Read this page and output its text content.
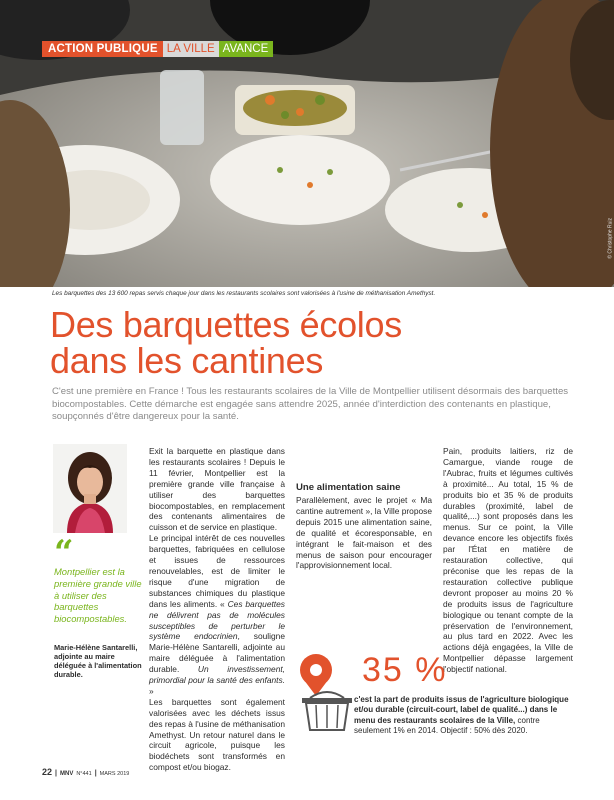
© Christophe Ruiz
ACTION PUBLIQUE LA VILLE AVANCE
Les barquettes des 13 600 repas servis chaque jour dans les restaurants scolaires sont valorisées à l'usine de méthanisation Amethyst.
Des barquettes écolos
dans les cantines
C'est une première en France ! Tous les restaurants scolaires de la Ville de Montpellier utilisent désormais des barquettes biocompostables. Cette démarche est engagée sans attendre 2025, année d'interdiction des contenants en plastique, soupçonnés d'être dangereux pour la santé.
“
Montpellier est la première grande ville à utiliser des barquettes biocompostables.
Marie-Hélène Santarelli, adjointe au maire déléguée à l'alimentation durable.

Exit la barquette en plastique dans les restaurants scolaires ! Depuis le 11 février, Montpellier est la première grande ville française à utiliser des barquettes biocompostables, en remplacement des contenants alimentaires de cuisson et de service en plastique.

Le principal intérêt de ces nouvelles barquettes, fabriquées en cellulose et issues de ressources renouvelables, est de limiter le risque d'une migration de substances chimiques du plastique dans les aliments. « Ces barquettes ne délivrent pas de molécules susceptibles de perturber le système endocrinien, souligne Marie-Hélène Santarelli, adjointe au maire déléguée à l'alimentation durable. Un investissement, primordial pour la santé des enfants. »

Les barquettes sont également valorisées avec les déchets issus des repas à l'usine de méthanisation Amethyst. Un retour naturel dans le circuit agricole, puisque les biodéchets sont transformés en compost et/ou biogaz.

Une alimentation saine

Parallèlement, avec le projet « Ma cantine autrement », la Ville propose depuis 2015 une alimentation saine, de qualité et écoresponsable, en intégrant le fait-maison et des menus de saison pour encourager l'approvisionnement local.

Pain, produits laitiers, riz de Camargue, viande rouge de l'Aubrac, fruits et légumes cultivés à proximité... Au total, 15 % de produits bio et 35 % de produits durables (proximité, label de qualité,...) sont proposés dans les menus. Sur ce point, la Ville devance encore les objectifs fixés par l'État en matière de restauration collective, qui préconise que les repas de la restauration collective publique devront proposer au moins 20 % de produits issus de l'agriculture biologique ou tenant compte de la préservation de l'environnement, au plus tard en 2022. Avec les actions déjà engagées, la Ville de Montpellier dépasse largement l'objectif national.

35 %
c'est la part de produits issus de l'agriculture biologique et/ou durable (circuit-court, label de qualité...) dans le menu des restaurants scolaires de la Ville, contre seulement 1% en 2014. Objectif : 50% dès 2020.
22 | MNV N°441 | MARS 2019
